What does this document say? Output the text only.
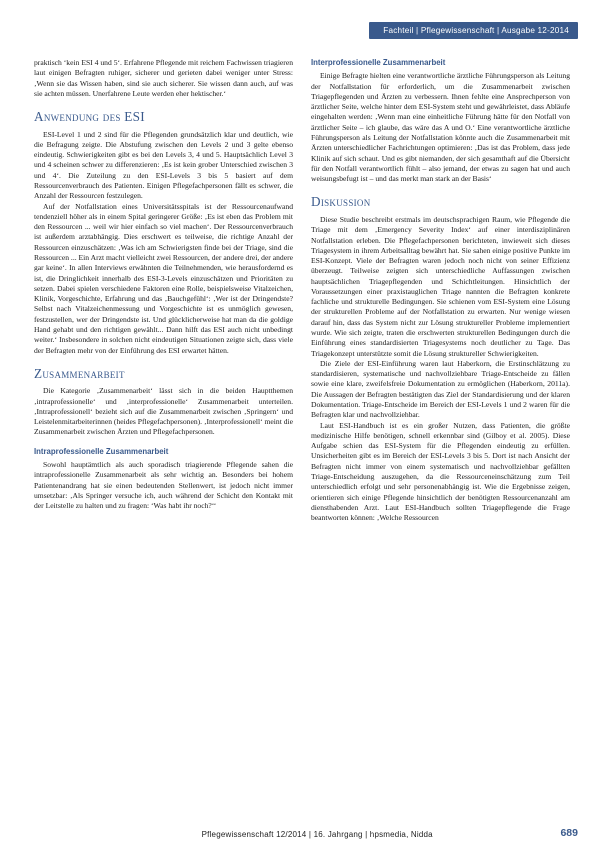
Fachteil | Pflegewissenschaft | Ausgabe 12-2014

praktisch ‘kein ESI 4 und 5‘. Erfahrene Pflegende mit reichem Fachwissen triagieren laut einigen Befragten ruhiger, sicherer und gerieten dabei weniger unter Stress: ‚Wenn sie das Wissen haben, sind sie auch sicherer. Sie wissen dann auch, auf was sie achten müssen. Unerfahrene Leute werden eher hektischer.‘

Anwendung des ESI

ESI-Level 1 und 2 sind für die Pflegenden grundsätzlich klar und deutlich, wie die Befragung zeigte. Die Abstufung zwischen den Levels 2 und 3 gelte ebenso eindeutig. Schwierigkeiten gibt es bei den Levels 3, 4 und 5. Hauptsächlich Level 3 und 4 scheinen schwer zu differenzieren: ‚Es ist kein grober Unterschied zwischen 3 und 4‘. Die Zuteilung zu den ESI-Levels 3 bis 5 basiert auf dem Ressourcenverbrauch des Patienten. Einigen Pflegefachpersonen fällt es schwer, die Anzahl der Ressourcen festzulegen.

Auf der Notfallstation eines Universitätsspitals ist der Ressourcenaufwand tendenziell höher als in einem Spital geringerer Größe: ‚Es ist eben das Problem mit den Ressourcen ... weil wir hier einfach so viel machen‘. Der Ressourcenverbrauch ist außerdem arztabhängig. Dies erschwert es teilweise, die richtige Anzahl der Ressourcen einzuschätzen: ‚Was ich am Schwierigsten finde bei der Triage, sind die Ressourcen ... Ein Arzt macht vielleicht zwei Ressourcen, der andere drei, der andere gar keine‘. In allen Interviews erwähnten die Teilnehmenden, wie herausfordernd es ist, die Dringlichkeit innerhalb des ESI-3-Levels einzuschätzen und Prioritäten zu setzen. Dabei spielen verschiedene Faktoren eine Rolle, beispielsweise Vitalzeichen, Klinik, Vorgeschichte, Erfahrung und das ‚Bauchgefühl‘: ‚Wer ist der Dringendste? Selbst nach Vitalzeichenmessung und Vorgeschichte ist es unmöglich gewesen, festzustellen, wer der Dringendste ist. Und glücklicherweise hat man da die goldige Hand gehabt und den richtigen gewählt... Dann hilft das ESI auch nicht unbedingt weiter.‘ Insbesondere in solchen nicht eindeutigen Situationen zeigte sich, dass viele der Befragten mehr von der Einführung des ESI erwartet hätten.

Zusammenarbeit

Die Kategorie ‚Zusammenarbeit‘ lässt sich in die beiden Hauptthemen ‚intraprofessionelle‘ und ‚interprofessionelle‘ Zusammenarbeit unterteilen. ‚Intraprofessionell‘ bezieht sich auf die Zusammenarbeit zwischen ‚Springern‘ und Leistelenmitarbeiterinnen (heides Pflegefachpersonen). ‚Interprofessionell‘ meint die Zusammenarbeit zwischen Ärzten und Pflegefachpersonen.

Intraprofessionelle Zusammenarbeit

Sowohl hauptämtlich als auch sporadisch triagierende Pflegende sahen die intraprofessionelle Zusammenarbeit als sehr wichtig an. Besonders bei hohem Patientenandrang hat sie einen bedeutenden Stellenwert, ist jedoch nicht immer umsetzbar: ‚Als Springer versuche ich, auch während der Schicht den Kontakt mit der Leitstelle zu halten und zu fragen: ‘Was habt ihr noch?‘‘

Interprofessionelle Zusammenarbeit

Einige Befragte hielten eine verantwortliche ärztliche Führungsperson als Leitung der Notfallstation für erforderlich, um die Zusammenarbeit zwischen Triagepflegenden und Ärzten zu verbessern. Ihnen fehlte eine Ansprechperson von ärztlicher Seite, welche hinter dem ESI-System steht und gewährleistet, dass Abläufe eingehalten werden: ‚Wenn man eine einheitliche Führung hätte für den Notfall von ärztlicher Seite – ich glaube, das wäre das A und O.‘ Eine verantwortliche ärztliche Führungsperson als Leitung der Notfallstation könnte auch die Zusammenarbeit mit Ärzten unterschiedlicher Fachrichtungen optimieren: ‚Das ist das Problem, dass jede Klinik auf sich schaut. Und es gibt niemanden, der sich gesamthaft auf die Übersicht für den Notfall verantwortlich fühlt – also jemand, der etwas zu sagen hat und auch weisungsbefugt ist – und das merkt man stark an der Basis‘

Diskussion

Diese Studie beschreibt erstmals im deutschsprachigen Raum, wie Pflegende die Triage mit dem ‚Emergency Severity Index‘ auf einer interdisziplinären Notfallstation erleben. Die Pflegefachpersonen berichteten, inwieweit sich dieses Triagesystem in ihrem Arbeitsalltag bewährt hat. Sie sahen einige positive Punkte im ESI-Konzept. Viele der Befragten waren jedoch noch nicht von seiner Effizienz überzeugt. Teilweise zeigten sich unterschiedliche Auffassungen zwischen hauptsächlichen Triagepflegenden und Schichtleitungen. Hinsichtlich der Voraussetzungen einer praxistauglichen Triage nannten die Befragten konkrete fachliche und strukturelle Bedingungen. Sie schienen vom ESI-System eine Lösung der strukturellen Probleme auf der Notfallstation zu erwarten. Nur wenige wiesen darauf hin, dass das System nicht zur Lösung struktureller Probleme implementiert wurde. Wie sich zeigte, traten die erschwerten strukturellen Bedingungen durch die Einführung eines standardisierten Triagesystems noch deutlicher zu Tage. Das Triagekonzept unterstützte somit die Lösung struktureller Schwierigkeiten.

Die Ziele der ESI-Einführung waren laut Haberkorn, die Erstinschlätzung zu standardisieren, systematische und nachvollziehbare Triage-Entscheide zu fällen sowie eine klare, zweifelsfreie Dokumentation zu ermöglichen (Haberkorn, 2011a). Die Aussagen der Befragten bestätigten das Ziel der Standardisierung und der klaren Dokumentation. Triage-Entscheide im Bereich der ESI-Levels 1 und 2 waren für die Befragten klar und nachvollziehbar.

Laut ESI-Handbuch ist es ein großer Nutzen, dass Patienten, die größte medizinische Hilfe benötigen, schnell erkennbar sind (Gilboy et al. 2005). Diese Aufgabe schien das ESI-System für die Pflegenden eindeutig zu erfüllen. Unsicherheiten gibt es im Bereich der ESI-Levels 3 bis 5. Dort ist nach Ansicht der Befragten nicht immer von einem systematisch und nachvollziehbar gefällten Triage-Entscheidung auszugehen, da die Ressourceneinschätzung zum Teil unterschiedlich erfolgt und sehr personenabhängig ist. Wie die Ergebnisse zeigen, orientieren sich einige Pflegende hinsichtlich der benötigten Ressourcenanzahl am diensthabenden Arzt. Laut ESI-Handbuch sollten Triagepflegende die Frage beantworten können: ‚Welche Ressourcen

Pflegewissenschaft 12/2014 | 16. Jahrgang | hpsmedia, Nidda	689
